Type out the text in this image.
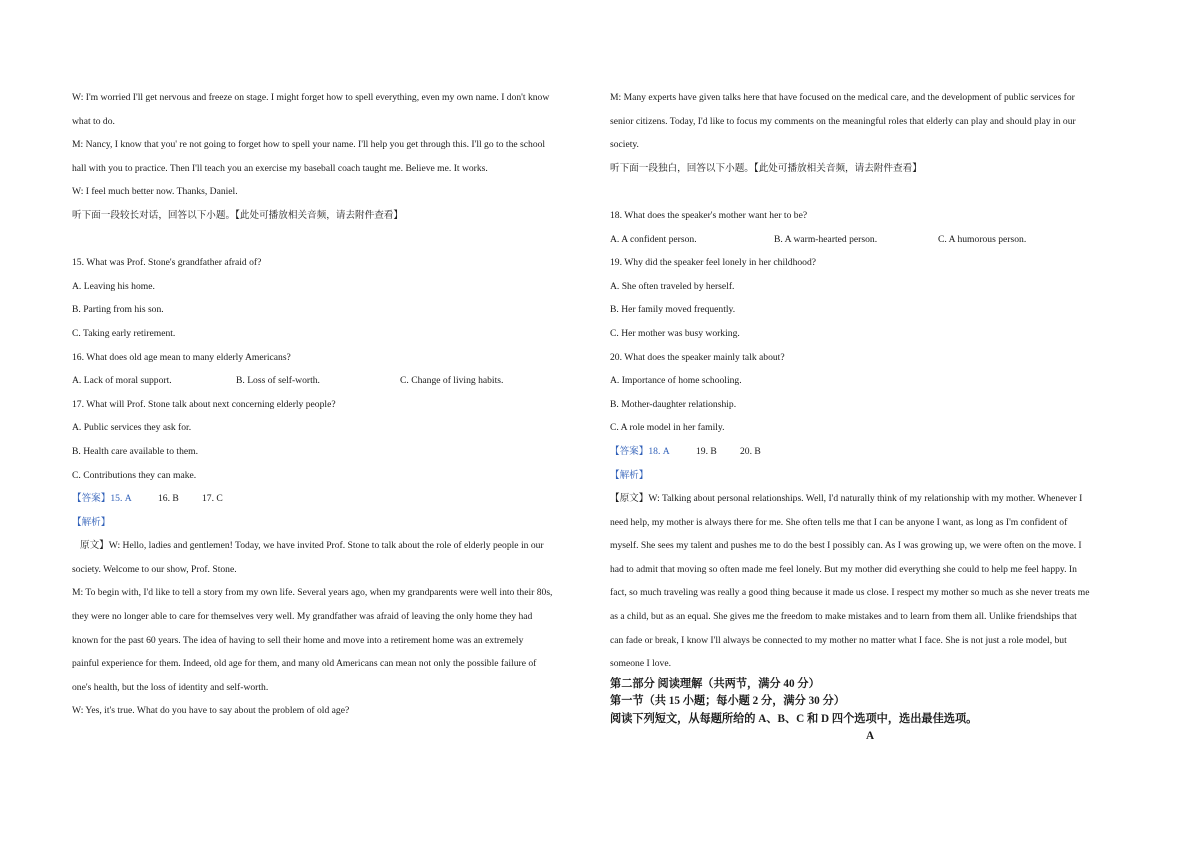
W: I'm worried I'll get nervous and freeze on stage. I might forget how to spell everything, even my own name. I don't know

what to do.

M: Nancy, I know that you' re not going to forget how to spell your name. I'll help you get through this. I'll go to the school

hall with you to practice. Then I'll teach you an exercise my baseball coach taught me. Believe me. It works.

W: I feel much better now. Thanks, Daniel.

听下面一段较长对话，回答以下小题。【此处可播放相关音频，请去附件查看】

15. What was Prof. Stone's grandfather afraid of?

A. Leaving his home.

B. Parting from his son.

C. Taking early retirement.

16. What does old age mean to many elderly Americans?

A. Lack of moral support.	B. Loss of self-worth.	C. Change of living habits.

17. What will Prof. Stone talk about next concerning elderly people?

A. Public services they ask for.

B. Health care available to them.

C. Contributions they can make.

【答案】15. A	16. B	17. C

【解析】

原文】W: Hello, ladies and gentlemen! Today, we have invited Prof. Stone to talk about the role of elderly people in our

society. Welcome to our show, Prof. Stone.

M: To begin with, I'd like to tell a story from my own life. Several years ago, when my grandparents were well into their 80s,

they were no longer able to care for themselves very well. My grandfather was afraid of leaving the only home they had

known for the past 60 years. The idea of having to sell their home and move into a retirement home was an extremely

painful experience for them. Indeed, old age for them, and many old Americans can mean not only the possible failure of

one's health, but the loss of identity and self-worth.

W: Yes, it's true. What do you have to say about the problem of old age?

M: Many experts have given talks here that have focused on the medical care, and the development of public services for

senior citizens. Today, I'd like to focus my comments on the meaningful roles that elderly can play and should play in our

society.

听下面一段独白，回答以下小题。【此处可播放相关音频，请去附件查看】

18. What does the speaker's mother want her to be?

A. A confident person.	B. A warm-hearted person.	C. A humorous person.

19. Why did the speaker feel lonely in her childhood?

A. She often traveled by herself.

B. Her family moved frequently.

C. Her mother was busy working.

20. What does the speaker mainly talk about?

A. Importance of home schooling.

B. Mother-daughter relationship.

C. A role model in her family.

【答案】18. A	19. B	20. B

【解析】

【原文】W: Talking about personal relationships. Well, I'd naturally think of my relationship with my mother. Whenever I

need help, my mother is always there for me. She often tells me that I can be anyone I want, as long as I'm confident of

myself. She sees my talent and pushes me to do the best I possibly can. As I was growing up, we were often on the move. I

had to admit that moving so often made me feel lonely. But my mother did everything she could to help me feel happy. In

fact, so much traveling was really a good thing because it made us close. I respect my mother so much as she never treats me

as a child, but as an equal. She gives me the freedom to make mistakes and to learn from them all. Unlike friendships that

can fade or break, I know I'll always be connected to my mother no matter what I face. She is not just a role model, but

someone I love.

第二部分 阅读理解（共两节，满分 40 分）

第一节（共 15 小题；每小题 2 分，满分 30 分）

阅读下列短文，从每题所给的 A、B、C 和 D 四个选项中，选出最佳选项。

A
